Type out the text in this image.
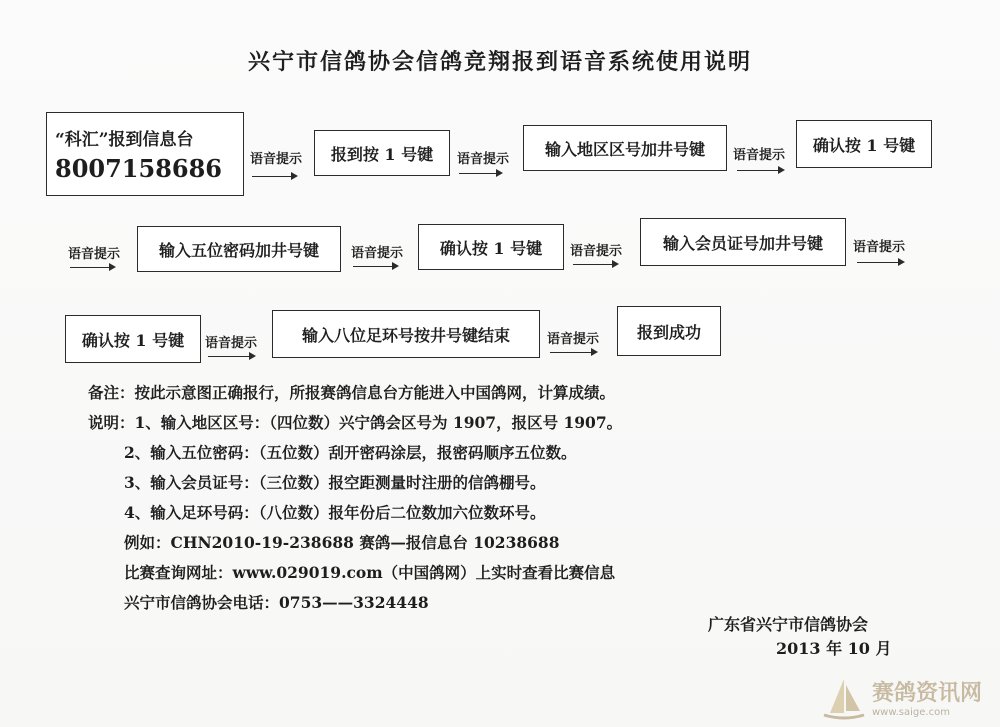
兴宁市信鸽协会信鸽竞翔报到语音系统使用说明
“科汇”报到信息台
8007158686 语音提示	报到按 1 号键	语音提示
输入地区区号加井号键	语音提示
确认按 1 号键
语音提示	输入五位密码加井号键	语音提示	确认按 1 号键	语音提示	输入会员证号加井号键	语音提示
确认按 1 号键	语音提示	输入八位足环号按井号键结束	语音提示	报到成功
备注：按此示意图正确报行，所报赛鸽信息台方能进入中国鸽网，计算成绩。
说明：1、输入地区区号：（四位数）兴宁鸽会区号为 1907，报区号 1907。
2、输入五位密码：（五位数）刮开密码涂层，报密码顺序五位数。
3、输入会员证号：（三位数）报空距测量时注册的信鸽棚号。
4、输入足环号码：（八位数）报年份后二位数加六位数环号。
例如：CHN2010-19-238688 赛鸽—报信息台 10238688
比赛查询网址：www.029019.com（中国鸽网）上实时查看比赛信息
兴宁市信鸽协会电话：0753——3324448
广东省兴宁市信鸽协会
2013 年 10 月
赛鸽资讯网
www.saige.com
